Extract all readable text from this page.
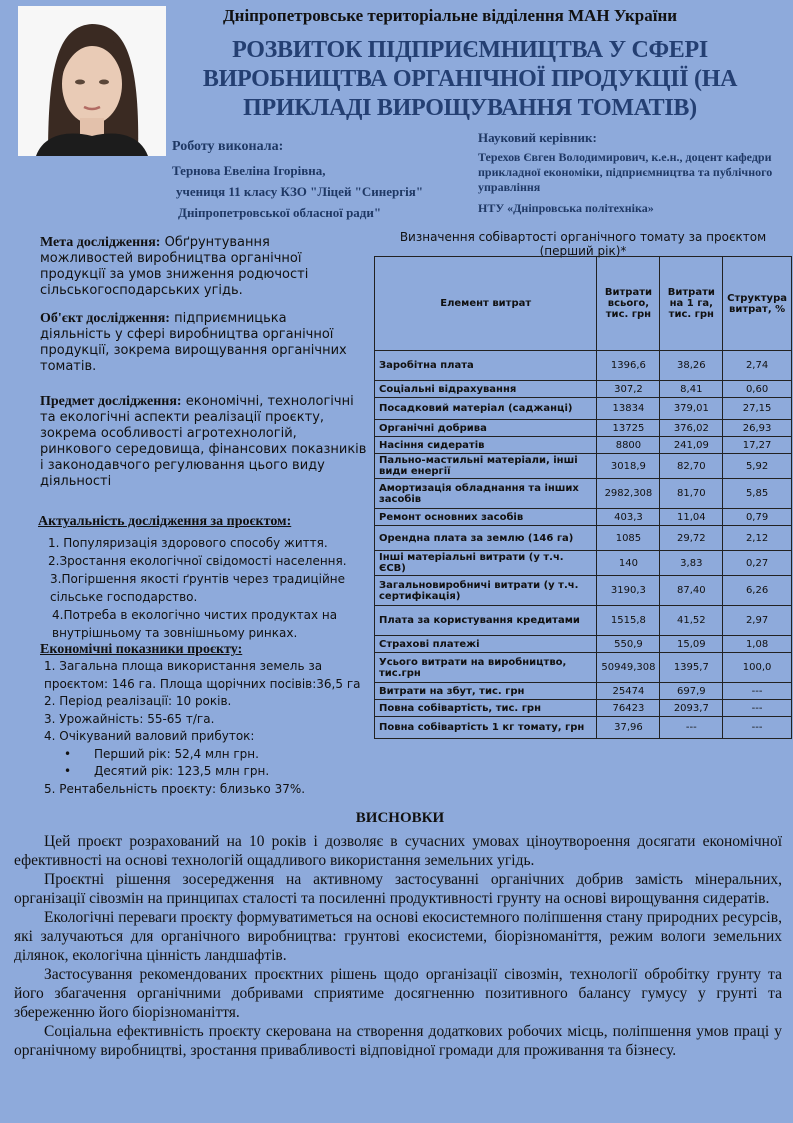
Дніпропетровське територіальне відділення МАН України
РОЗВИТОК ПІДПРИЄМНИЦТВА У СФЕРІ ВИРОБНИЦТВА ОРГАНІЧНОЇ ПРОДУКЦІЇ (НА ПРИКЛАДІ ВИРОЩУВАННЯ ТОМАТІВ)
Роботу виконала:
Тернова Евеліна Ігорівна,
учениця 11 класу КЗО "Ліцей "Синергія"
Дніпропетровської обласної ради"
Науковий керівник:
Терехов Євген Володимирович, к.е.н., доцент кафедри прикладної економіки, підприємництва та публічного управління
НТУ «Дніпровська політехніка»
Мета дослідження: Обґрунтування можливостей виробництва органічної продукції за умов зниження родючості сільськогосподарських угідь.
Об'єкт дослідження: підприємницька діяльність у сфері виробництва органічної продукції, зокрема вирощування органічних томатів.
Предмет дослідження: економічні, технологічні та екологічні аспекти реалізації проєкту, зокрема особливості агротехнологій, ринкового середовища, фінансових показників і законодавчого регулювання цього виду діяльності
Актуальність дослідження за проєктом:
1. Популяризація здорового способу життя.
2.Зростання екологічної свідомості населення.
3.Погіршення якості ґрунтів через традиційне сільське господарство.
4.Потреба в екологічно чистих продуктах на внутрішньому та зовнішньому ринках.
Економічні показники проєкту:
1. Загальна площа використання земель за проєктом: 146 га. Площа щорічних посівів:36,5 га
2. Період реалізації: 10 років.
3. Урожайність: 55-65 т/га.
4. Очікуваний валовий прибуток:
•      Перший рік: 52,4 млн грн.
•      Десятий рік: 123,5 млн грн.
5. Рентабельність проєкту: близько 37%.
Визначення собівартості органічного томату за проєктом (перший рік)*
Елемент витрат	Витрати всього, тис. грн	Витрати на 1 га, тис. грн	Структура витрат, %
Заробітна плата	1396,6	38,26	2,74
Соціальні відрахування	307,2	8,41	0,60
Посадковий матеріал (саджанці)	13834	379,01	27,15
Органічні добрива	13725	376,02	26,93
Насіння сидератів	8800	241,09	17,27
Пально-мастильні матеріали, інші види енергії	3018,9	82,70	5,92
Амортизація обладнання та інших засобів	2982,308	81,70	5,85
Ремонт основних засобів	403,3	11,04	0,79
Орендна плата за землю (146 га)	1085	29,72	2,12
Інші матеріальні витрати (у т.ч. ЄСВ)	140	3,83	0,27
Загальновиробничі витрати (у т.ч. сертифікація)	3190,3	87,40	6,26
Плата за користування кредитами	1515,8	41,52	2,97
Страхові платежі	550,9	15,09	1,08
Усього витрати на виробництво, тис.грн	50949,308	1395,7	100,0
Витрати на збут, тис. грн	25474	697,9	---
Повна собівартість, тис. грн	76423	2093,7	---
Повна собівартість 1 кг томату, грн	37,96	---	---
ВИСНОВКИ

Цей проєкт розрахований на 10 років і дозволяє в сучасних умовах ціноутвороення досягати економічної ефективності на основі технологій ощадливого використання земельних угідь.

Проєктні рішення зосередження на активному застосуванні органічних добрив замість мінеральних, організації сівозмін на принципах сталості та посиленні продуктивності грунту на основі вирощування сидератів.

Екологічні переваги проєкту формуватиметься на основі екосистемного поліпшення стану природних ресурсів, які залучаються для органічного виробництва: грунтові екосистеми, біорізноманіття, режим вологи земельних ділянок, екологічна цінність ландшафтів.

Застосування рекомендованих проєктних рішень щодо організації сівозмін, технології обробітку грунту та його збагачення органічними добривами сприятиме досягненню позитивного балансу гумусу у грунті та збереженню його біорізноманіття.

Соціальна ефективність проєкту скерована на створення додаткових робочих місць, поліпшення умов праці у органічному виробництві, зростання привабливості відповідної громади для проживання та бізнесу.
